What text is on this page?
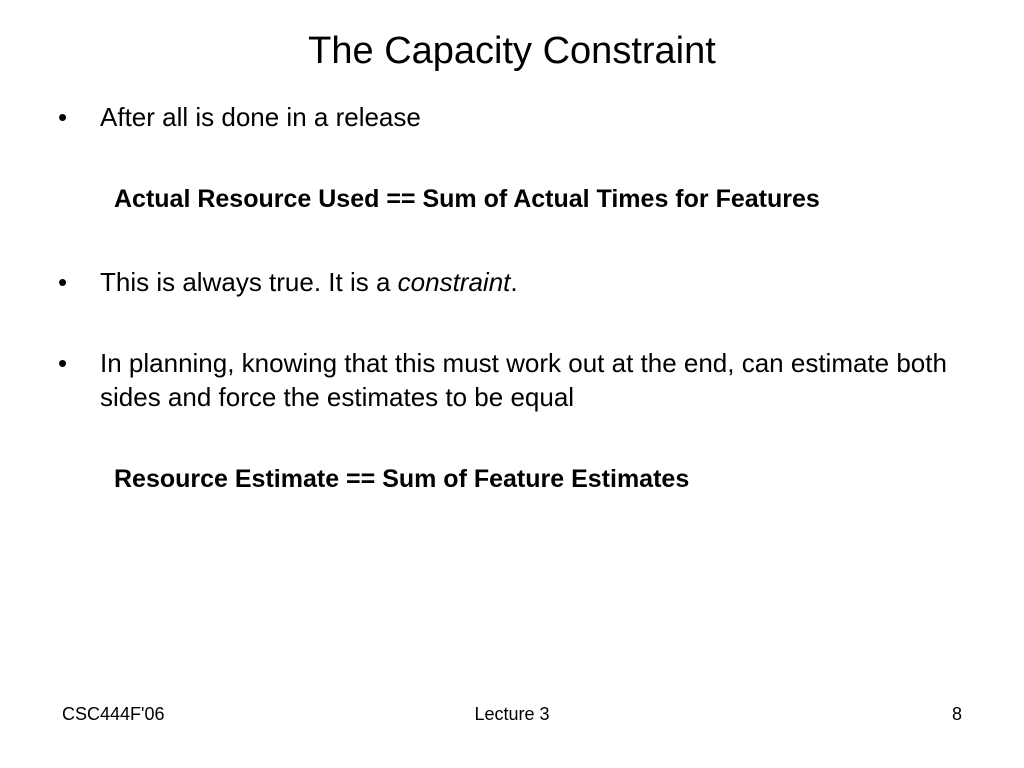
The Capacity Constraint
• After all is done in a release
Actual Resource Used == Sum of Actual Times for Features
• This is always true. It is a constraint.
• In planning, knowing that this must work out at the end, can estimate both sides and force the estimates to be equal
Resource Estimate == Sum of Feature Estimates
CSC444F'06	Lecture 3	8
